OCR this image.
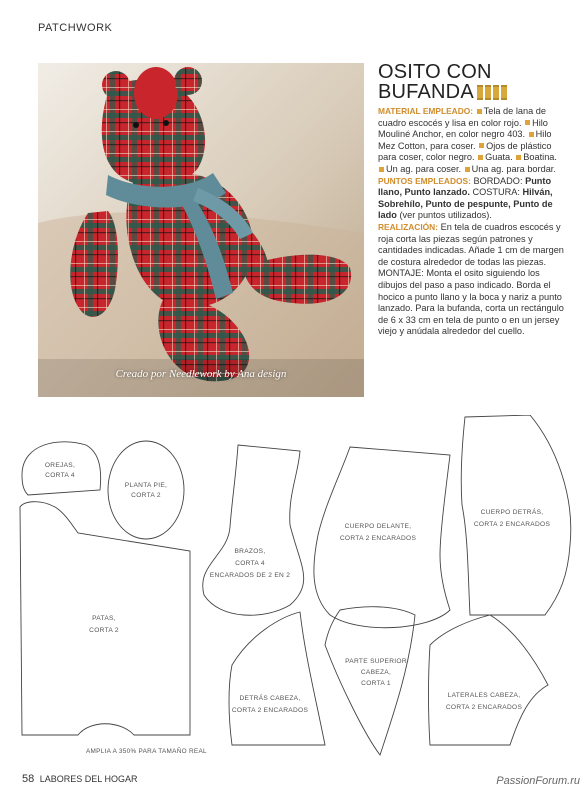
PATCHWORK
Creado por Needlework by Ana design
OSITO CON
BUFANDA

MATERIAL EMPLEADO: Tela de lana de cuadro escocés y lisa en color rojo. Hilo Mouliné Anchor, en color negro 403. Hilo Mez Cotton, para coser. Ojos de plástico para coser, color negro. Guata. Boatina. Un ag. para coser. Una ag. para bordar.

PUNTOS EMPLEADOS: BORDADO: Punto llano, Punto lanzado. COSTURA: Hilván, Sobrehílo, Punto de pespunte, Punto de lado (ver puntos utilizados).

REALIZACIÓN: En tela de cuadros escocés y roja corta las piezas según patrones y cantidades indicadas. Añade 1 cm de margen de costura alrededor de todas las piezas.

MONTAJE: Monta el osito siguiendo los dibujos del paso a paso indicado. Borda el hocico a punto llano y la boca y nariz a punto lanzado. Para la bufanda, corta un rectángulo de 6 x 33 cm en tela de punto o en un jersey viejo y anúdala alrededor del cuello.

OREJAS,
CORTA 4
PLANTA PIE,
CORTA 2
PATAS,
CORTA 2
BRAZOS,
CORTA 4
ENCARADOS DE 2 EN 2
CUERPO DELANTE,
CORTA 2 ENCARADOS
CUERPO DETRÁS,
CORTA 2 ENCARADOS
DETRÁS CABEZA,
CORTA 2 ENCARADOS
PARTE SUPERIOR
CABEZA,
CORTA 1
LATERALES CABEZA,
CORTA 2 ENCARADOS
AMPLIA A 350% PARA TAMAÑO REAL
58 LABORES DEL HOGAR	PassionForum.ru
